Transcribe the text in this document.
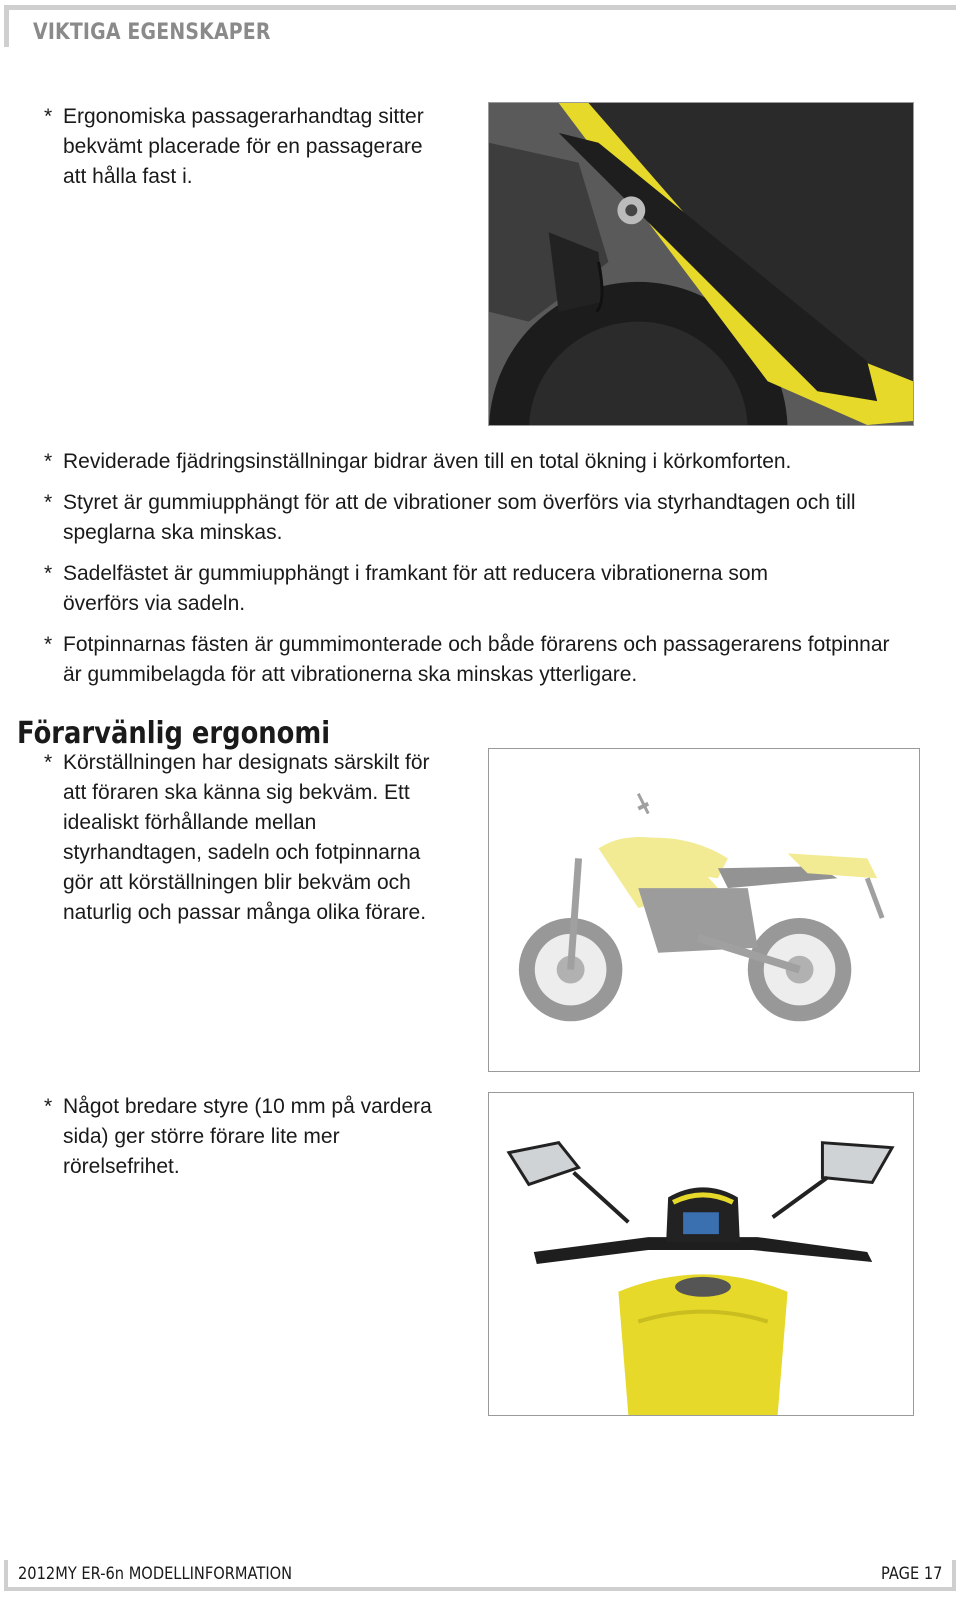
VIKTIGA EGENSKAPER
* Ergonomiska passagerarhandtag sitter bekvämt placerade för en passagerare att hålla fast i.
* Reviderade fjädringsinställningar bidrar även till en total ökning i körkomforten.
* Styret är gummiupphängt för att de vibrationer som överförs via styrhandtagen och till speglarna ska minskas.
* Sadelfästet är gummiupphängt i framkant för att reducera vibrationerna som överförs via sadeln.
* Fotpinnarnas fästen är gummimonterade och både förarens och passagerarens fotpinnar är gummibelagda för att vibrationerna ska minskas ytterligare.
Förarvänlig ergonomi
* Körställningen har designats särskilt för att föraren ska känna sig bekväm. Ett idealiskt förhållande mellan styrhandtagen, sadeln och fotpinnarna gör att körställningen blir bekväm och naturlig och passar många olika förare.
* Något bredare styre (10 mm på vardera sida) ger större förare lite mer rörelsefrihet.
2012MY ER-6n MODELLINFORMATION	PAGE 17
